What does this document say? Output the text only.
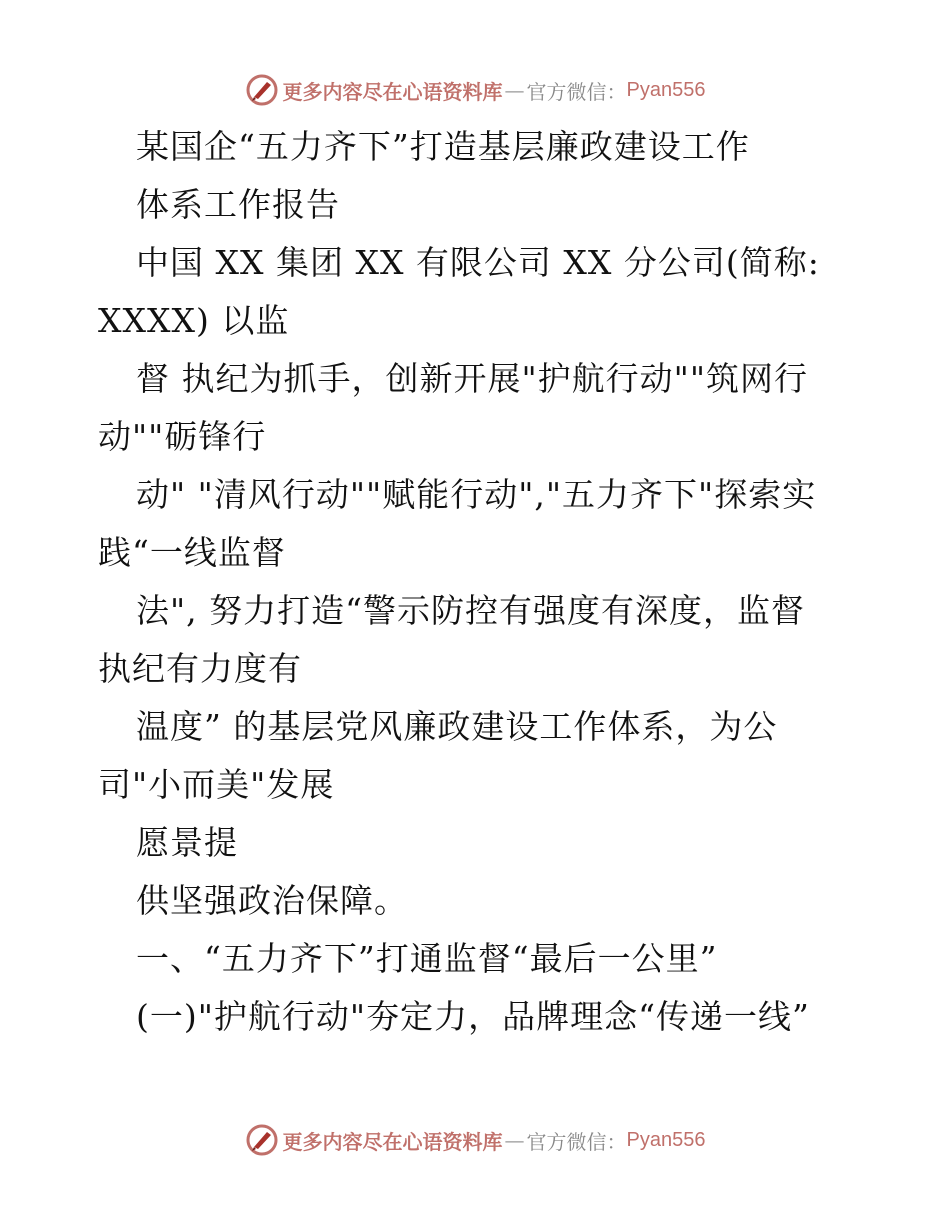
更多内容尽在心语资料库 — 官方微信： Pyan556
某国企“五力齐下”打造基层廉政建设工作
体系工作报告
中国 XX 集团 XX 有限公司 XX 分公司(简称:
XXXX) 以监
督 执纪为抓手，创新开展"护航行动""筑网行
动""砺锋行
动" "清风行动""赋能行动","五力齐下"探索实
践“一线监督
法", 努力打造“警示防控有强度有深度，监督
执纪有力度有
温度” 的基层党风廉政建设工作体系，为公
司"小而美"发展
愿景提
供坚强政治保障。
一、“五力齐下”打通监督“最后一公里”
(一)"护航行动"夯定力，品牌理念“传递一线”
更多内容尽在心语资料库 — 官方微信： Pyan556
